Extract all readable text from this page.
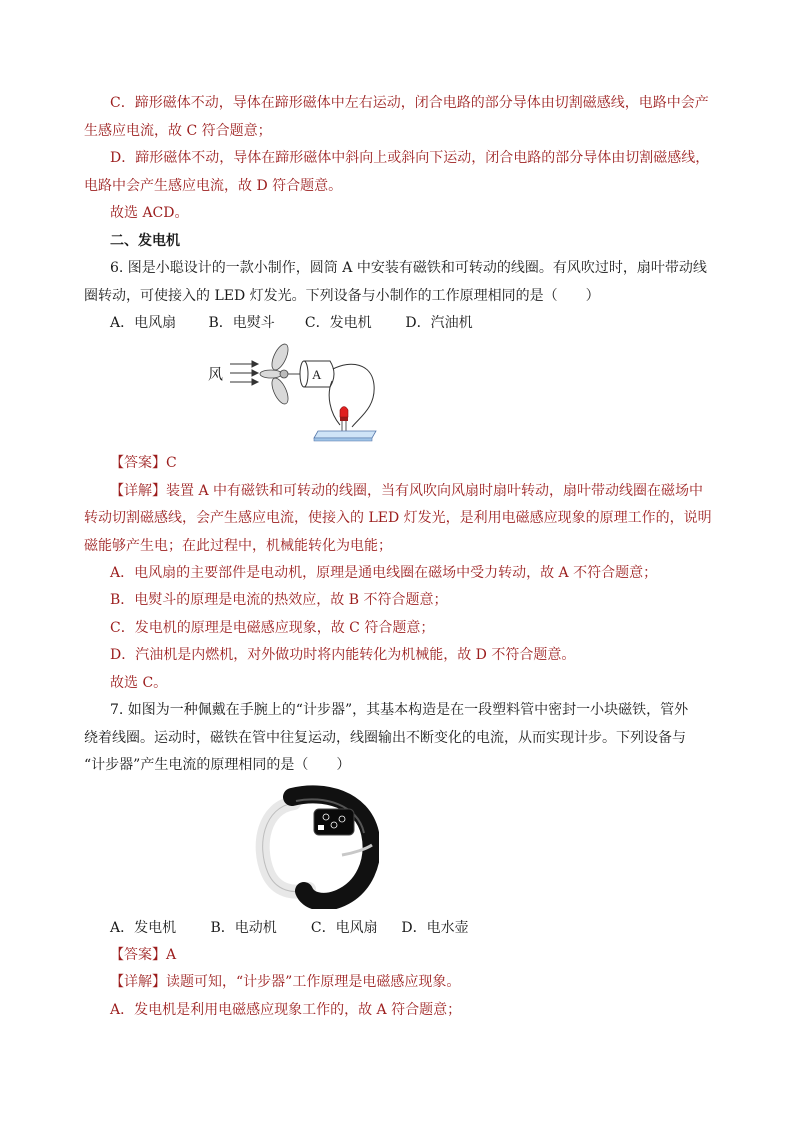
C．蹄形磁体不动，导体在蹄形磁体中左右运动，闭合电路的部分导体由切割磁感线，电路中会产
生感应电流，故 C 符合题意；
D．蹄形磁体不动，导体在蹄形磁体中斜向上或斜向下运动，闭合电路的部分导体由切割磁感线，
电路中会产生感应电流，故 D 符合题意。
故选 ACD。
二、发电机
6. 图是小聪设计的一款小制作，圆筒 A 中安装有磁铁和可转动的线圈。有风吹过时，扇叶带动线
圈转动，可使接入的 LED 灯发光。下列设备与小制作的工作原理相同的是（　　）
A．电风扇 B．电熨斗 C．发电机 D．汽油机
风	A
【答案】C
【详解】装置 A 中有磁铁和可转动的线圈，当有风吹向风扇时扇叶转动，扇叶带动线圈在磁场中
转动切割磁感线，会产生感应电流，使接入的 LED 灯发光，是利用电磁感应现象的原理工作的，说明
磁能够产生电；在此过程中，机械能转化为电能；
A．电风扇的主要部件是电动机，原理是通电线圈在磁场中受力转动，故 A 不符合题意；
B．电熨斗的原理是电流的热效应，故 B 不符合题意；
C．发电机的原理是电磁感应现象，故 C 符合题意；
D．汽油机是内燃机，对外做功时将内能转化为机械能，故 D 不符合题意。
故选 C。
7. 如图为一种佩戴在手腕上的“计步器”，其基本构造是在一段塑料管中密封一小块磁铁，管外
绕着线圈。运动时，磁铁在管中往复运动，线圈输出不断变化的电流，从而实现计步。下列设备与
“计步器”产生电流的原理相同的是（　　）
A．发电机 B．电动机 C．电风扇 D．电水壶
【答案】A
【详解】读题可知，“计步器”工作原理是电磁感应现象。
A．发电机是利用电磁感应现象工作的，故 A 符合题意；
